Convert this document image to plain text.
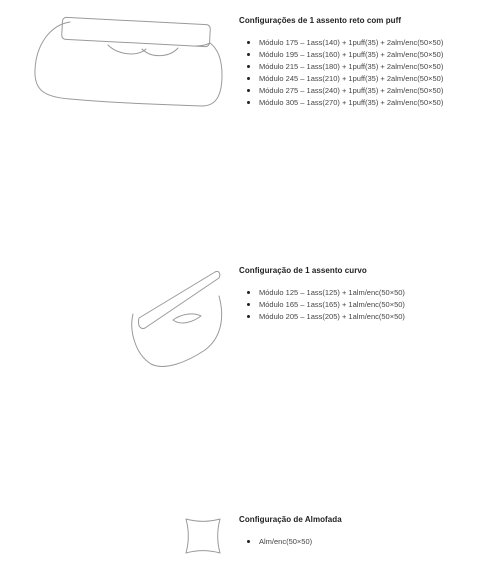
Configurações de 1 assento reto com puff

Módulo 175 – 1ass(140) + 1puff(35) + 2alm/enc(50×50)
Módulo 195 – 1ass(160) + 1puff(35) + 2alm/enc(50×50)
Módulo 215 – 1ass(180) + 1puff(35) + 2alm/enc(50×50)
Módulo 245 – 1ass(210) + 1puff(35) + 2alm/enc(50×50)
Módulo 275 – 1ass(240) + 1puff(35) + 2alm/enc(50×50)
Módulo 305 – 1ass(270) + 1puff(35) + 2alm/enc(50×50)

Configuração de 1 assento curvo

Módulo 125 – 1ass(125) + 1alm/enc(50×50)
Módulo 165 – 1ass(165) + 1alm/enc(50×50)
Módulo 205 – 1ass(205) + 1alm/enc(50×50)

Configuração de Almofada

Alm/enc(50×50)
